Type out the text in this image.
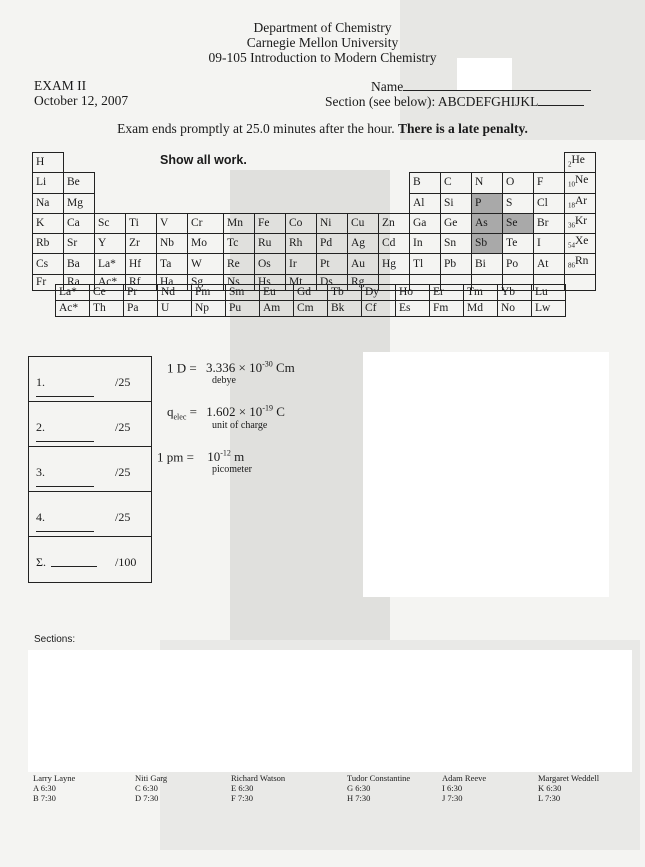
Department of Chemistry
Carnegie Mellon University
09-105 Introduction to Modern Chemistry
EXAM II
October 12, 2007
Name
Section (see below): ABCDEFGHIJKL
Exam ends promptly at 25.0 minutes after the hour. There is a late penalty.
H																	$_2$He
Li	Be											B	C	N	O	F	$_{10}$Ne
Na	Mg											Al	Si	P	S	Cl	$_{18}$Ar
K	Ca	Sc	Ti	V	Cr	Mn	Fe	Co	Ni	Cu	Zn	Ga	Ge	As	Se	Br	$_{36}$Kr
Rb	Sr	Y	Zr	Nb	Mo	Tc	Ru	Rh	Pd	Ag	Cd	In	Sn	Sb	Te	I	$_{54}$Xe
Cs	Ba	La*	Hf	Ta	W	Re	Os	Ir	Pt	Au	Hg	Tl	Pb	Bi	Po	At	$_{86}$Rn
Fr	Ra	Ac*	Rf	Ha	Sg	Ns	Hs	Mt	Ds	Rg							
Show all work.
La*	Ce	Pr	Nd	Pm	Sm	Eu	Gd	Tb	Dy	Ho	Er	Tm	Yb	Lu
Ac*	Th	Pa	U	Np	Pu	Am	Cm	Bk	Cf	Es	Fm	Md	No	Lw
1.	/25
2.	/25
3.	/25
4.	/25
Σ.	/100
1 $D = 3.336 \times 10^{-30}$ Cm
debye
$q_{elec} = 1.602 \times 10^{-19}$ C
unit of charge
1 pm = $10^{-12}$ m
picometer
Sections:
Larry Layne
A 6:30
B 7:30
Niti Garg
C 6:30
D 7:30
Richard Watson
E 6:30
F 7:30
Tudor Constantine
G 6:30
H 7:30
Adam Reeve
I 6:30
J 7:30
Margaret Weddell
K 6:30
L 7:30
